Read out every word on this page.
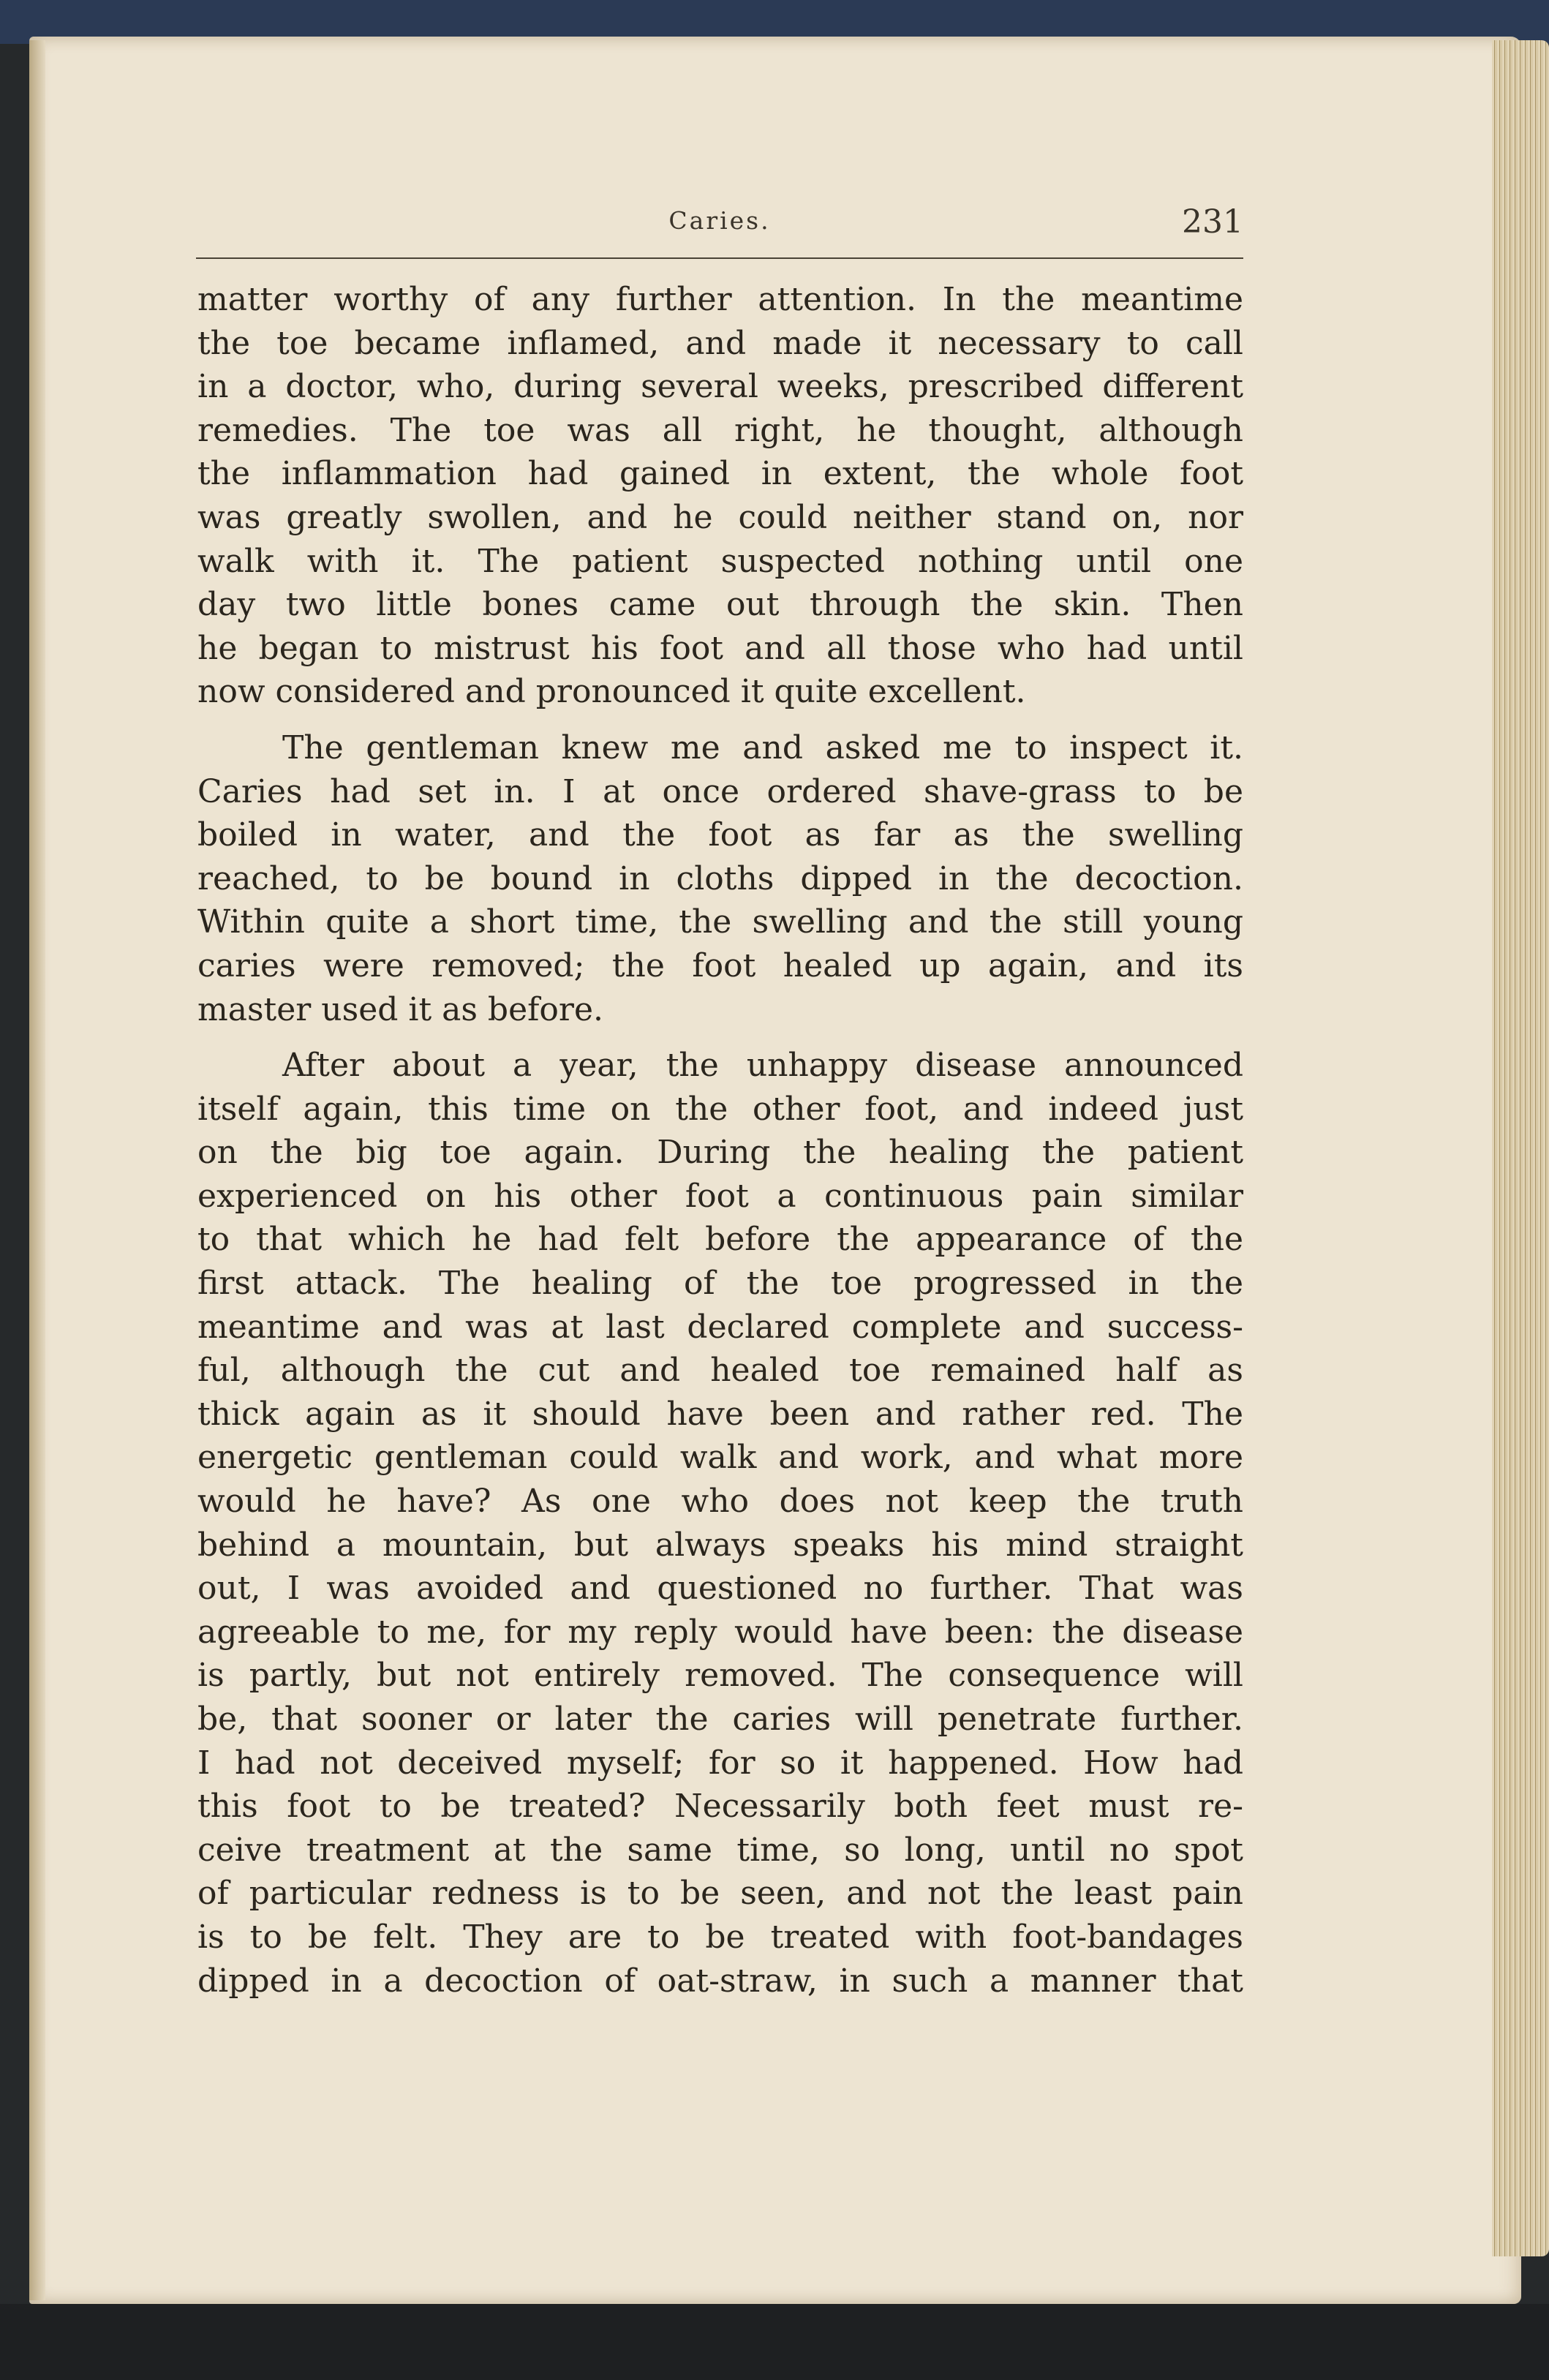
Caries.	231
matter worthy of any further attention. In the meantime
the toe became inflamed, and made it necessary to call
in a doctor, who, during several weeks, prescribed different
remedies. The toe was all right, he thought, although
the inflammation had gained in extent, the whole foot
was greatly swollen, and he could neither stand on, nor
walk with it. The patient suspected nothing until one
day two little bones came out through the skin. Then
he began to mistrust his foot and all those who had until
now considered and pronounced it quite excellent.
The gentleman knew me and asked me to inspect it.
Caries had set in. I at once ordered shave-grass to be
boiled in water, and the foot as far as the swelling
reached, to be bound in cloths dipped in the decoction.
Within quite a short time, the swelling and the still young
caries were removed; the foot healed up again, and its
master used it as before.
After about a year, the unhappy disease announced
itself again, this time on the other foot, and indeed just
on the big toe again. During the healing the patient
experienced on his other foot a continuous pain similar
to that which he had felt before the appearance of the
first attack. The healing of the toe progressed in the
meantime and was at last declared complete and success-
ful, although the cut and healed toe remained half as
thick again as it should have been and rather red. The
energetic gentleman could walk and work, and what more
would he have? As one who does not keep the truth
behind a mountain, but always speaks his mind straight
out, I was avoided and questioned no further. That was
agreeable to me, for my reply would have been: the disease
is partly, but not entirely removed. The consequence will
be, that sooner or later the caries will penetrate further.
I had not deceived myself; for so it happened. How had
this foot to be treated? Necessarily both feet must re-
ceive treatment at the same time, so long, until no spot
of particular redness is to be seen, and not the least pain
is to be felt. They are to be treated with foot-bandages
dipped in a decoction of oat-straw, in such a manner that
